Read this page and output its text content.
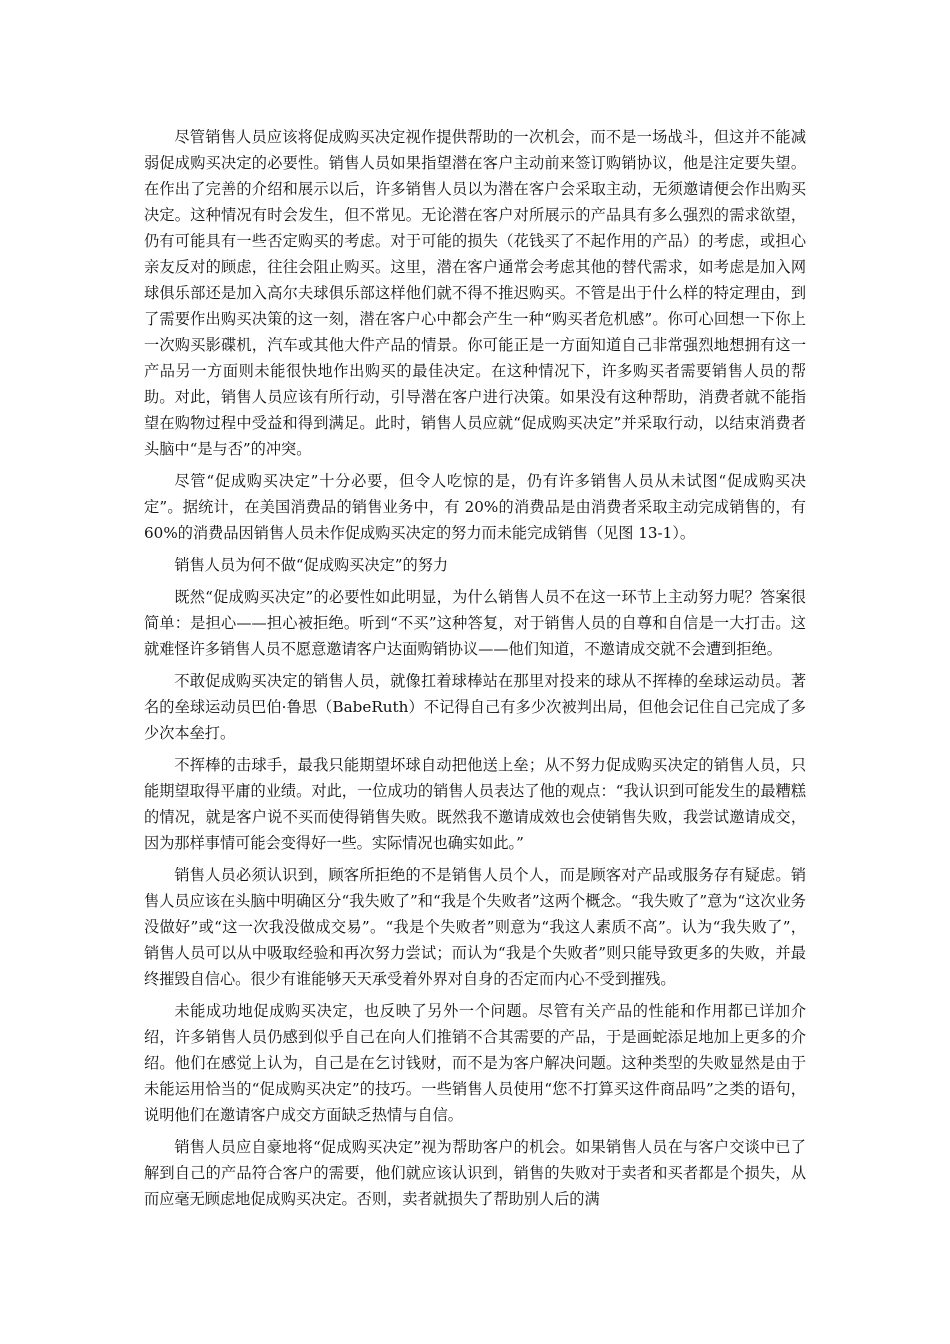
尽管销售人员应该将促成购买决定视作提供帮助的一次机会，而不是一场战斗，但这并不能减弱促成购买决定的必要性。销售人员如果指望潜在客户主动前来签订购销协议，他是注定要失望。在作出了完善的介绍和展示以后，许多销售人员以为潜在客户会采取主动，无须邀请便会作出购买决定。这种情况有时会发生，但不常见。无论潜在客户对所展示的产品具有多么强烈的需求欲望，仍有可能具有一些否定购买的考虑。对于可能的损失（花钱买了不起作用的产品）的考虑，或担心亲友反对的顾虑，往往会阻止购买。这里，潜在客户通常会考虑其他的替代需求，如考虑是加入网球俱乐部还是加入高尔夫球俱乐部这样他们就不得不推迟购买。不管是出于什么样的特定理由，到了需要作出购买决策的这一刻，潜在客户心中都会产生一种“购买者危机感”。你可心回想一下你上一次购买影碟机，汽车或其他大件产品的情景。你可能正是一方面知道自己非常强烈地想拥有这一产品另一方面则未能很快地作出购买的最佳决定。在这种情况下，许多购买者需要销售人员的帮助。对此，销售人员应该有所行动，引导潜在客户进行决策。如果没有这种帮助，消费者就不能指望在购物过程中受益和得到满足。此时，销售人员应就“促成购买决定”并采取行动，以结束消费者头脑中“是与否”的冲突。

尽管“促成购买决定”十分必要，但令人吃惊的是，仍有许多销售人员从未试图“促成购买决定”。据统计，在美国消费品的销售业务中，有 20%的消费品是由消费者采取主动完成销售的，有 60%的消费品因销售人员未作促成购买决定的努力而未能完成销售（见图 13-1）。

销售人员为何不做“促成购买决定”的努力

既然“促成购买决定”的必要性如此明显，为什么销售人员不在这一环节上主动努力呢？答案很简单：是担心——担心被拒绝。听到“不买”这种答复，对于销售人员的自尊和自信是一大打击。这就难怪许多销售人员不愿意邀请客户达面购销协议——他们知道，不邀请成交就不会遭到拒绝。

不敢促成购买决定的销售人员，就像扛着球棒站在那里对投来的球从不挥棒的垒球运动员。著名的垒球运动员巴伯·鲁思（BabeRuth）不记得自己有多少次被判出局，但他会记住自己完成了多少次本垒打。

不挥棒的击球手，最我只能期望坏球自动把他送上垒；从不努力促成购买决定的销售人员，只能期望取得平庸的业绩。对此，一位成功的销售人员表达了他的观点：“我认识到可能发生的最糟糕的情况，就是客户说不买而使得销售失败。既然我不邀请成效也会使销售失败，我尝试邀请成交，因为那样事情可能会变得好一些。实际情况也确实如此。”

销售人员必须认识到，顾客所拒绝的不是销售人员个人，而是顾客对产品或服务存有疑虑。销售人员应该在头脑中明确区分“我失败了”和“我是个失败者”这两个概念。“我失败了”意为“这次业务没做好”或“这一次我没做成交易”。“我是个失败者”则意为“我这人素质不高”。认为“我失败了”，销售人员可以从中吸取经验和再次努力尝试；而认为“我是个失败者”则只能导致更多的失败，并最终摧毁自信心。很少有谁能够天天承受着外界对自身的否定而内心不受到摧残。

未能成功地促成购买决定，也反映了另外一个问题。尽管有关产品的性能和作用都已详加介绍，许多销售人员仍感到似乎自己在向人们推销不合其需要的产品，于是画蛇添足地加上更多的介绍。他们在感觉上认为，自己是在乞讨钱财，而不是为客户解决问题。这种类型的失败显然是由于未能运用恰当的“促成购买决定”的技巧。一些销售人员使用“您不打算买这件商品吗”之类的语句，说明他们在邀请客户成交方面缺乏热情与自信。

销售人员应自豪地将“促成购买决定”视为帮助客户的机会。如果销售人员在与客户交谈中已了解到自己的产品符合客户的需要，他们就应该认识到，销售的失败对于卖者和买者都是个损失，从而应毫无顾虑地促成购买决定。否则，卖者就损失了帮助别人后的满
